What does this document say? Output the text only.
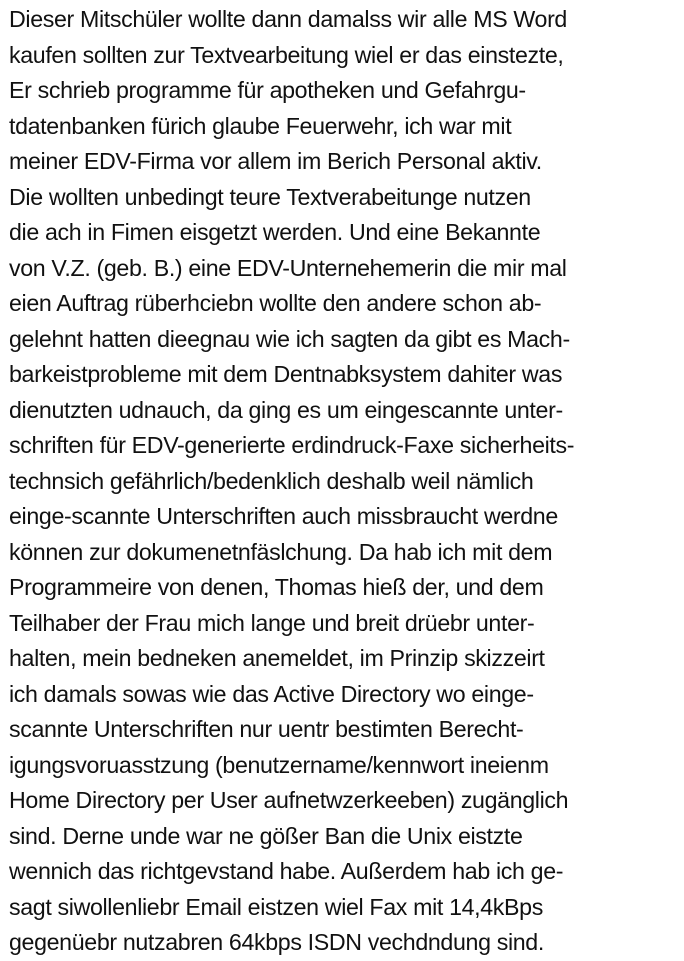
Dieser Mitschüler wollte dann damalss wir alle MS Word
kaufen sollten zur Textvearbeitung wiel er das einstezte,
Er schrieb programme für apotheken und Gefahrgu-
tdatenbanken fürich glaube Feuerwehr, ich war mit
meiner EDV-Firma vor allem im Berich Personal aktiv.
Die wollten unbedingt teure Textverabeitunge nutzen
die ach in Fimen eisgetzt werden. Und eine Bekannte
von V.Z. (geb. B.) eine EDV-Unternehemerin die mir mal
eien Auftrag rüberhciebn wollte den andere schon ab-
gelehnt hatten dieegnau wie ich sagten da gibt es Mach-
barkeistprobleme mit dem Dentnabksystem dahiter was
dienutzten udnauch, da ging es um eingescannte unter-
schriften für EDV-generierte erdindruck-Faxe sicherheits-
technsich gefährlich/bedenklich deshalb weil nämlich
einge-scannte Unterschriften auch missbraucht werdne
können zur dokumenetnfäslchung. Da hab ich mit dem
Programmeire von denen, Thomas hieß der, und dem
Teilhaber der Frau mich lange und breit drüebr unter-
halten, mein bedneken anemeldet, im Prinzip skizzeirt
ich damals sowas wie das Active Directory wo einge-
scannte Unterschriften nur uentr bestimten Berecht-
igungsvoruasstzung (benutzername/kennwort ineienm
Home Directory per User aufnetwzerkeeben) zugänglich
sind. Derne unde war ne gößer Ban die Unix eistzte
wennich das richtgevstand habe. Außerdem hab ich ge-
sagt siwollenliebr Email eistzen wiel Fax mit 14,4kBps
gegenüebr nutzabren 64kbps ISDN vechdndung sind.
